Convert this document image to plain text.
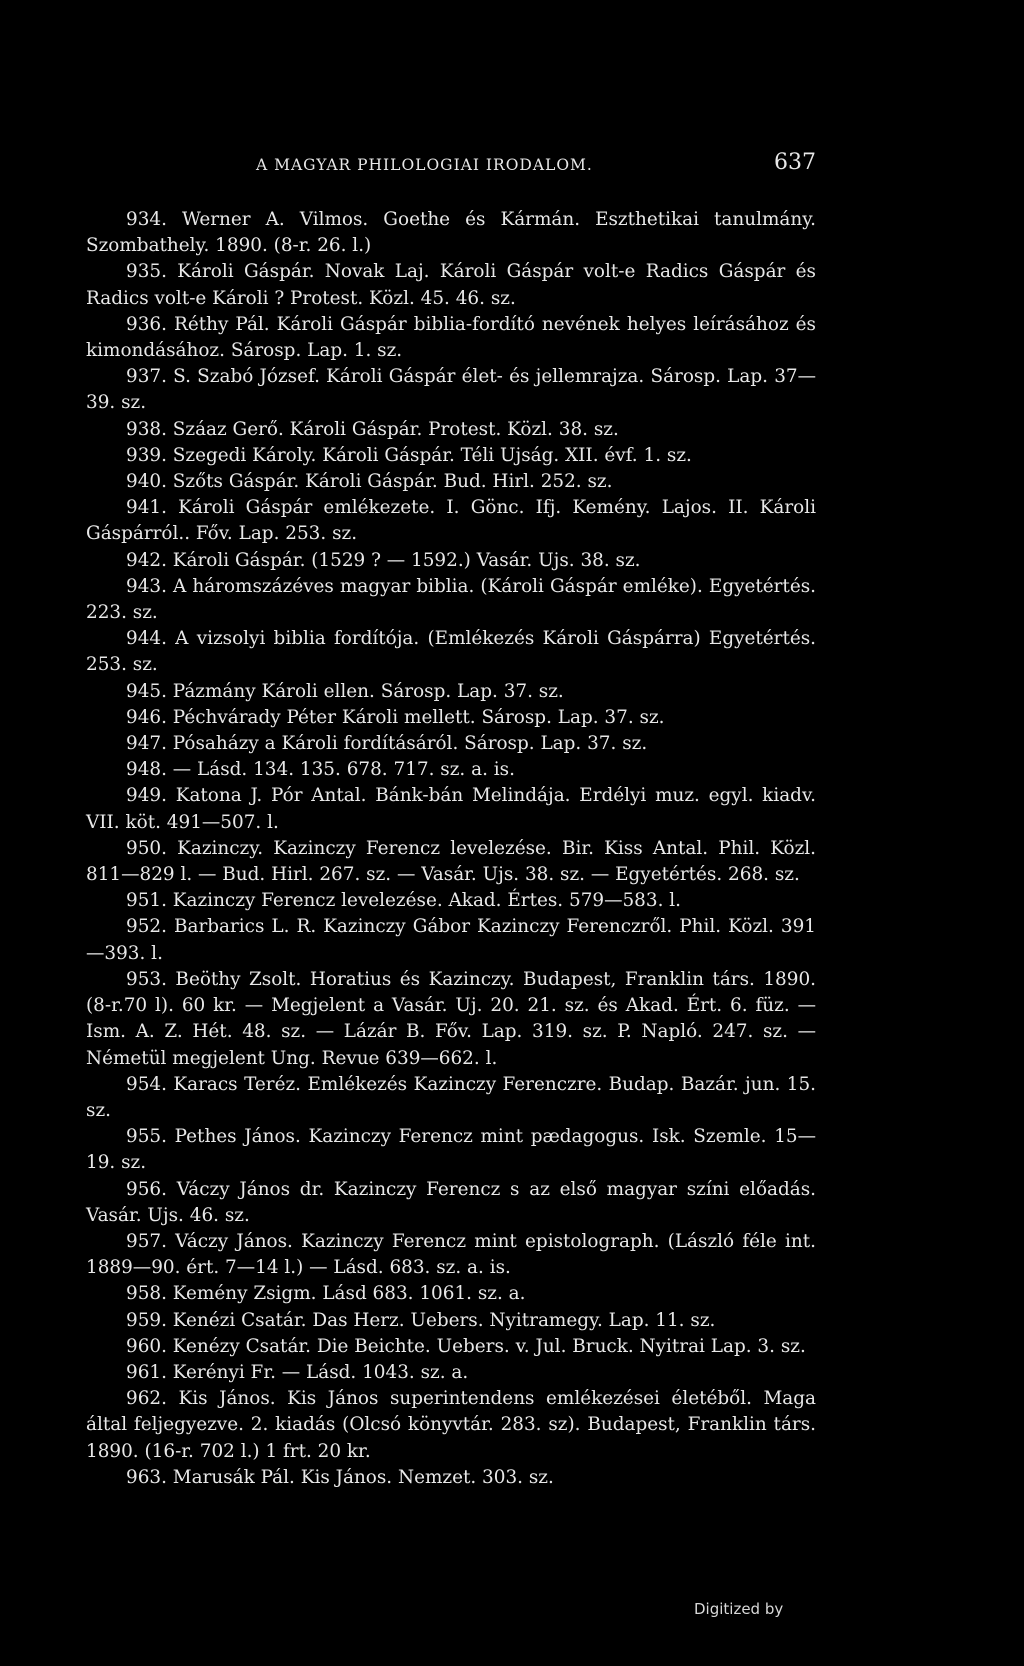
A MAGYAR PHILOLOGIAI IRODALOM.	637
934. Werner A. Vilmos. Goethe és Kármán. Eszthetikai tanulmány. Szombathely. 1890. (8-r. 26. l.)
935. Károli Gáspár. Novak Laj. Károli Gáspár volt-e Radics Gáspár és Radics volt-e Károli ? Protest. Közl. 45. 46. sz.
936. Réthy Pál. Károli Gáspár biblia-fordító nevének helyes leírásához és kimondásához. Sárosp. Lap. 1. sz.
937. S. Szabó József. Károli Gáspár élet- és jellemrajza. Sárosp. Lap. 37—39. sz.
938. Száaz Gerő. Károli Gáspár. Protest. Közl. 38. sz.
939. Szegedi Károly. Károli Gáspár. Téli Ujság. XII. évf. 1. sz.
940. Szőts Gáspár. Károli Gáspár. Bud. Hirl. 252. sz.
941. Károli Gáspár emlékezete. I. Gönc. Ifj. Kemény. Lajos. II. Károli Gáspárról.. Főv. Lap. 253. sz.
942. Károli Gáspár. (1529 ? — 1592.) Vasár. Ujs. 38. sz.
943. A háromszázéves magyar biblia. (Károli Gáspár emléke). Egyetértés. 223. sz.
944. A vizsolyi biblia fordítója. (Emlékezés Károli Gáspárra) Egyetértés. 253. sz.
945. Pázmány Károli ellen. Sárosp. Lap. 37. sz.
946. Péchvárady Péter Károli mellett. Sárosp. Lap. 37. sz.
947. Pósaházy a Károli fordításáról. Sárosp. Lap. 37. sz.
948. — Lásd. 134. 135. 678. 717. sz. a. is.
949. Katona J. Pór Antal. Bánk-bán Melindája. Erdélyi muz. egyl. kiadv. VII. köt. 491—507. l.
950. Kazinczy. Kazinczy Ferencz levelezése. Bir. Kiss Antal. Phil. Közl. 811—829 l. — Bud. Hirl. 267. sz. — Vasár. Ujs. 38. sz. — Egyetértés. 268. sz.
951. Kazinczy Ferencz levelezése. Akad. Értes. 579—583. l.
952. Barbarics L. R. Kazinczy Gábor Kazinczy Ferenczről. Phil. Közl. 391—393. l.
953. Beöthy Zsolt. Horatius és Kazinczy. Budapest, Franklin társ. 1890. (8-r.70 l). 60 kr. — Megjelent a Vasár. Uj. 20. 21. sz. és Akad. Ért. 6. füz. — Ism. A. Z. Hét. 48. sz. — Lázár B. Főv. Lap. 319. sz. P. Napló. 247. sz. — Németül megjelent Ung. Revue 639—662. l.
954. Karacs Teréz. Emlékezés Kazinczy Ferenczre. Budap. Bazár. jun. 15. sz.
955. Pethes János. Kazinczy Ferencz mint pædagogus. Isk. Szemle. 15—19. sz.
956. Váczy János dr. Kazinczy Ferencz s az első magyar színi előadás. Vasár. Ujs. 46. sz.
957. Váczy János. Kazinczy Ferencz mint epistolograph. (László féle int. 1889—90. ért. 7—14 l.) — Lásd. 683. sz. a. is.
958. Kemény Zsigm. Lásd 683. 1061. sz. a.
959. Kenézi Csatár. Das Herz. Uebers. Nyitramegy. Lap. 11. sz.
960. Kenézy Csatár. Die Beichte. Uebers. v. Jul. Bruck. Nyitrai Lap. 3. sz.
961. Kerényi Fr. — Lásd. 1043. sz. a.
962. Kis János. Kis János superintendens emlékezései életéből. Maga által feljegyezve. 2. kiadás (Olcsó könyvtár. 283. sz). Budapest, Franklin társ. 1890. (16-r. 702 l.) 1 frt. 20 kr.
963. Marusák Pál. Kis János. Nemzet. 303. sz.
Digitized by
